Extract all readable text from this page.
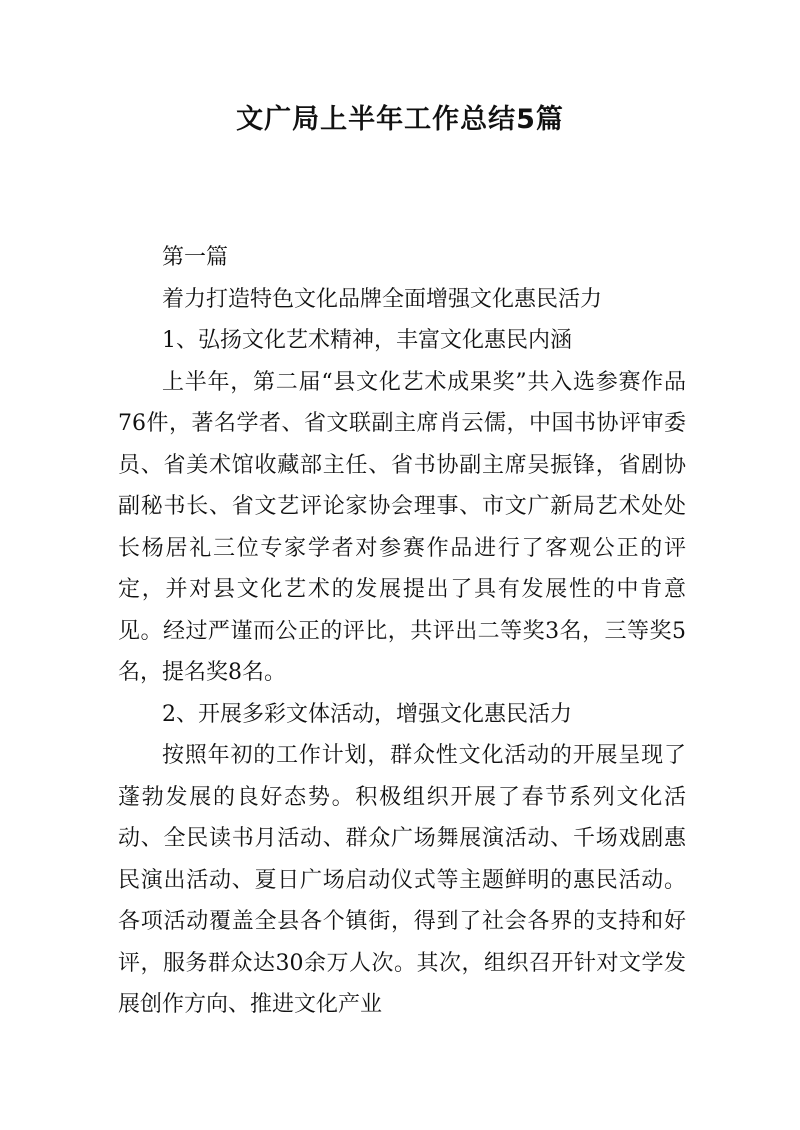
文广局上半年工作总结5篇

第一篇

着力打造特色文化品牌全面增强文化惠民活力

1、弘扬文化艺术精神，丰富文化惠民内涵

上半年，第二届“县文化艺术成果奖”共入选参赛作品76件，著名学者、省文联副主席肖云儒，中国书协评审委员、省美术馆收藏部主任、省书协副主席吴振锋，省剧协副秘书长、省文艺评论家协会理事、市文广新局艺术处处长杨居礼三位专家学者对参赛作品进行了客观公正的评定，并对县文化艺术的发展提出了具有发展性的中肯意见。经过严谨而公正的评比，共评出二等奖3名，三等奖5名，提名奖8名。

2、开展多彩文体活动，增强文化惠民活力

按照年初的工作计划，群众性文化活动的开展呈现了蓬勃发展的良好态势。积极组织开展了春节系列文化活动、全民读书月活动、群众广场舞展演活动、千场戏剧惠民演出活动、夏日广场启动仪式等主题鲜明的惠民活动。各项活动覆盖全县各个镇街，得到了社会各界的支持和好评，服务群众达30余万人次。其次，组织召开针对文学发展创作方向、推进文化产业
